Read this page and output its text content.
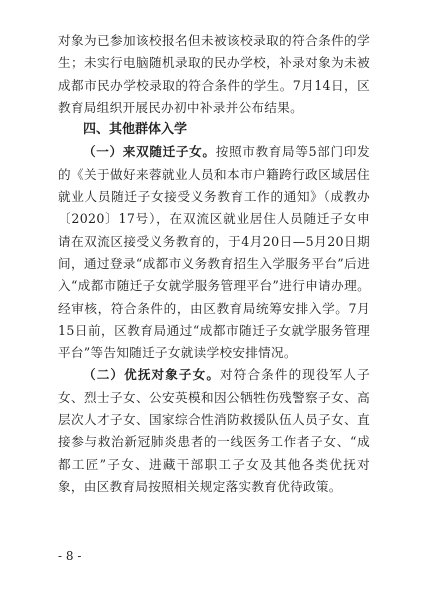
对象为已参加该校报名但未被该校录取的符合条件的学生；未实行电脑随机录取的民办学校，补录对象为未被成都市民办学校录取的符合条件的学生。7月14日，区教育局组织开展民办初中补录并公布结果。

四、其他群体入学

（一）来双随迁子女。按照市教育局等5部门印发的《关于做好来蓉就业人员和本市户籍跨行政区域居住就业人员随迁子女接受义务教育工作的通知》（成教办〔2020〕17号），在双流区就业居住人员随迁子女申请在双流区接受义务教育的，于4月20日—5月20日期间，通过登录“成都市义务教育招生入学服务平台”后进入“成都市随迁子女就学服务管理平台”进行申请办理。经审核，符合条件的，由区教育局统筹安排入学。7月15日前，区教育局通过“成都市随迁子女就学服务管理平台”等告知随迁子女就读学校安排情况。

（二）优抚对象子女。对符合条件的现役军人子女、烈士子女、公安英模和因公牺牲伤残警察子女、高层次人才子女、国家综合性消防救援队伍人员子女、直接参与救治新冠肺炎患者的一线医务工作者子女、“成都工匠”子女、进藏干部职工子女及其他各类优抚对象，由区教育局按照相关规定落实教育优待政策。

- 8 -
